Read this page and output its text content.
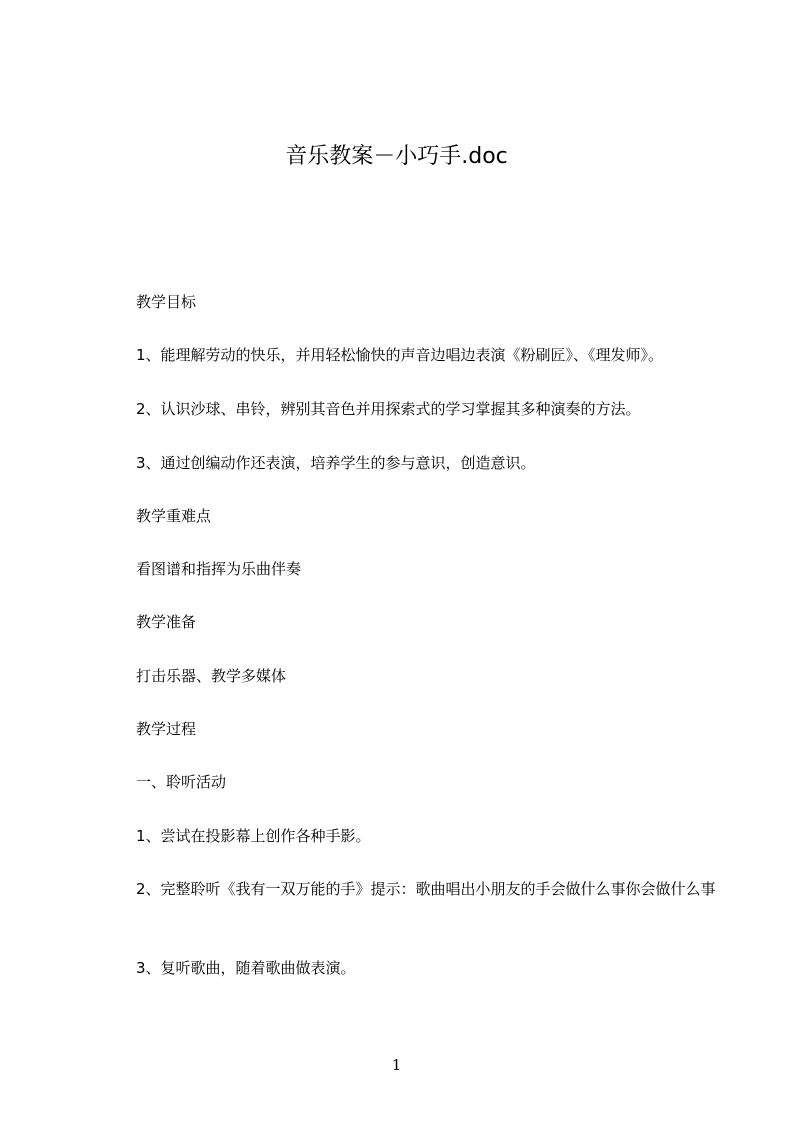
音乐教案－小巧手.doc

教学目标

1、能理解劳动的快乐，并用轻松愉快的声音边唱边表演《粉刷匠》、《理发师》。

2、认识沙球、串铃，辨别其音色并用探索式的学习掌握其多种演奏的方法。

3、通过创编动作还表演，培养学生的参与意识，创造意识。

教学重难点

看图谱和指挥为乐曲伴奏

教学准备

打击乐器、教学多媒体

教学过程

一、聆听活动

1、尝试在投影幕上创作各种手影。

2、完整聆听《我有一双万能的手》提示：歌曲唱出小朋友的手会做什么事你会做什么事

3、复听歌曲，随着歌曲做表演。

1
